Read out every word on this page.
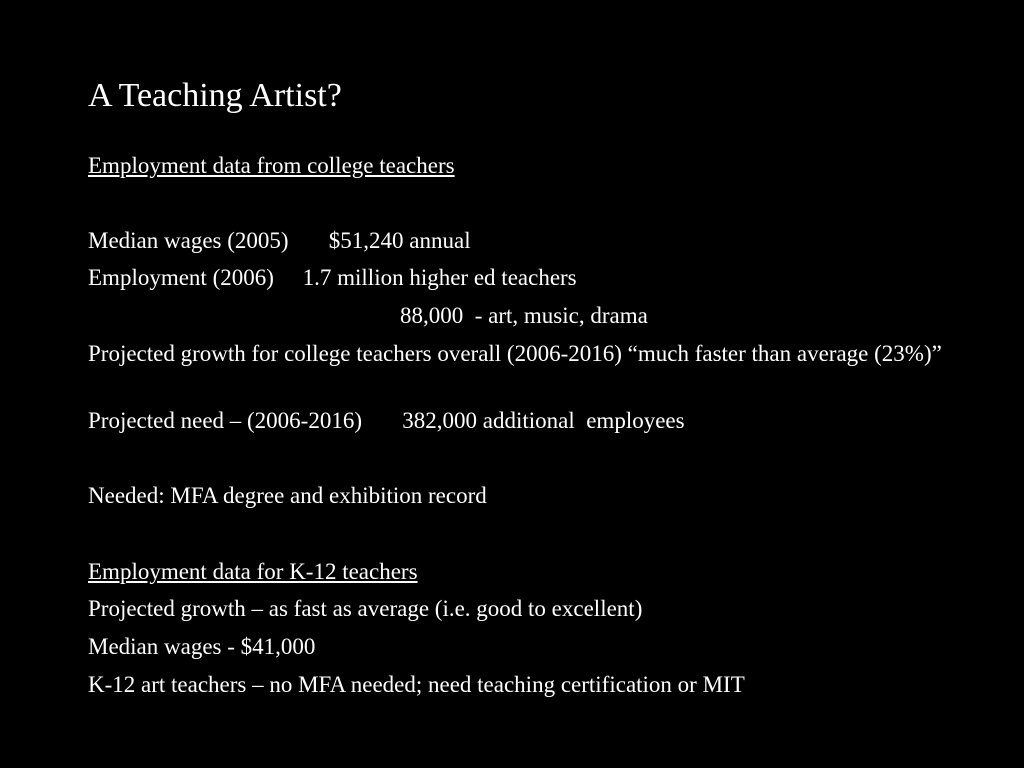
A Teaching Artist?
Employment data from college teachers
Median wages (2005)       $51,240 annual
Employment (2006)     1.7 million higher ed teachers
88,000  - art, music, drama
Projected growth for college teachers overall (2006-2016) “much faster than average (23%)”
Projected need – (2006-2016)       382,000 additional  employees
Needed: MFA degree and exhibition record
Employment data for K-12 teachers
Projected growth – as fast as average (i.e. good to excellent)
Median wages - $41,000
K-12 art teachers – no MFA needed; need teaching certification or MIT
